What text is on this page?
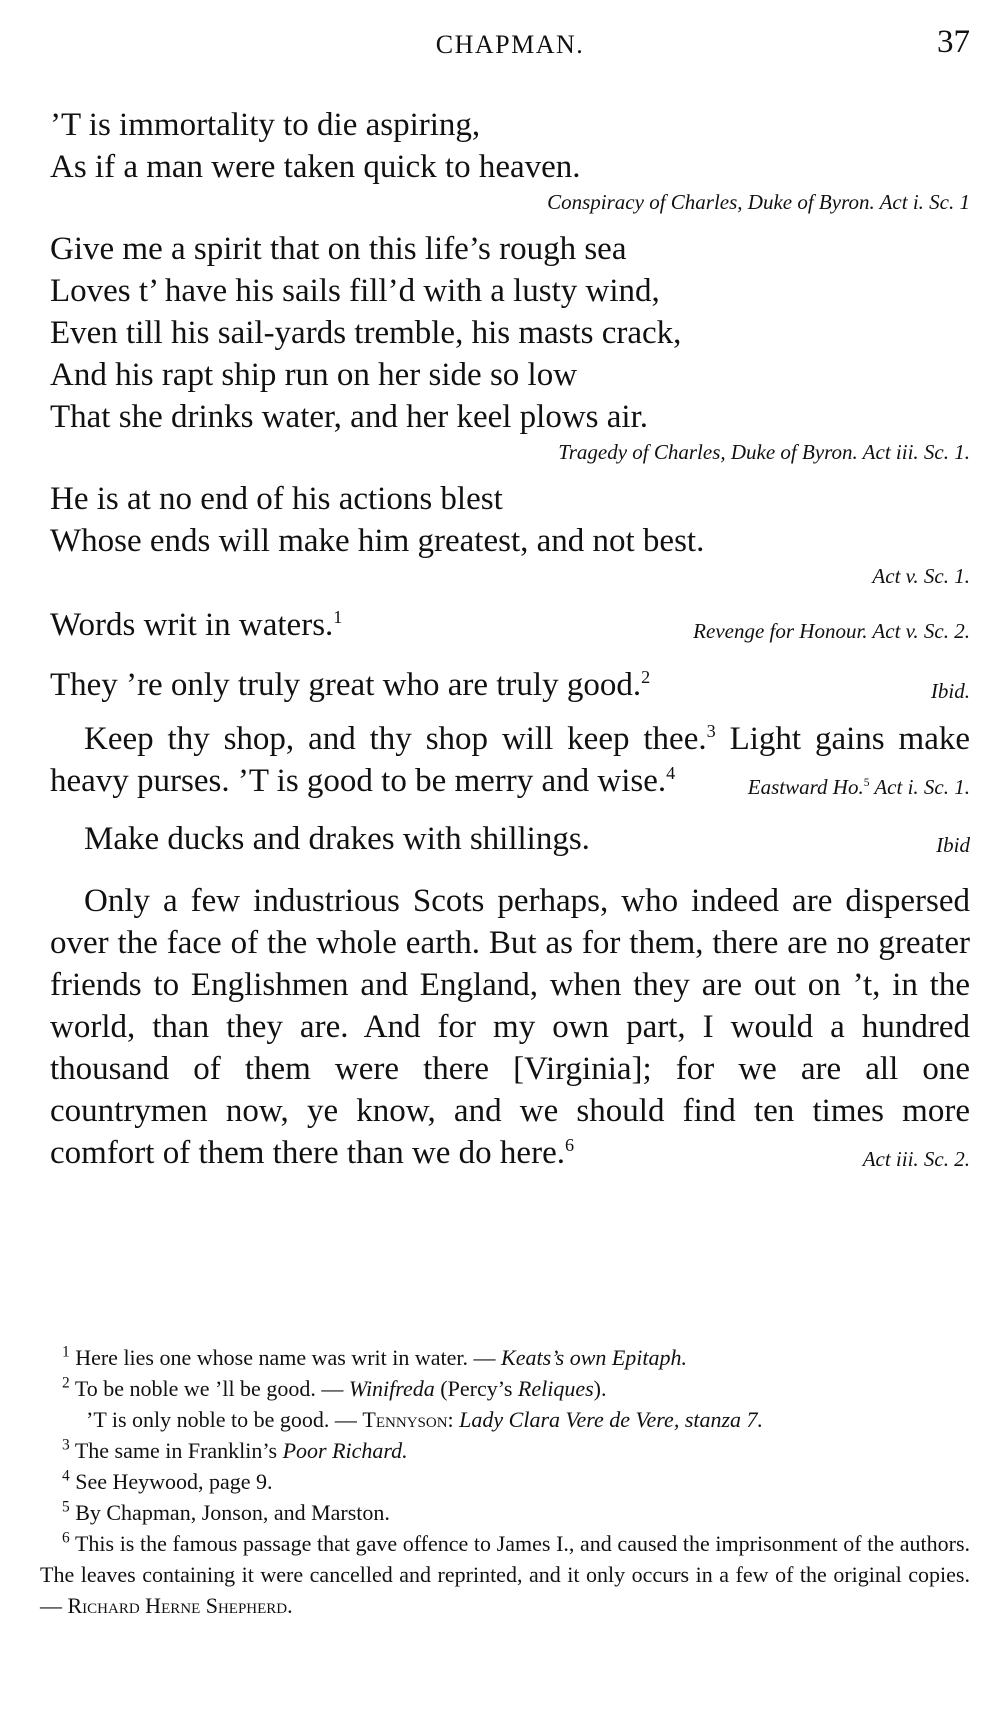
CHAPMAN.	37
’T is immortality to die aspiring,
As if a man were taken quick to heaven.
Conspiracy of Charles, Duke of Byron. Act i. Sc. 1
Give me a spirit that on this life’s rough sea
Loves t’ have his sails fill’d with a lusty wind,
Even till his sail-yards tremble, his masts crack,
And his rapt ship run on her side so low
That she drinks water, and her keel plows air.
Tragedy of Charles, Duke of Byron. Act iii. Sc. 1.
He is at no end of his actions blest
Whose ends will make him greatest, and not best.
Act v. Sc. 1.
Words writ in waters.$^1$
Revenge for Honour. Act v. Sc. 2.
They ’re only truly great who are truly good.$^2$
Ibid.
Keep thy shop, and thy shop will keep thee.$^3$ Light gains make heavy purses. ’T is good to be merry and wise.$^4$
Eastward Ho.$^5$ Act i. Sc. 1.
Make ducks and drakes with shillings.	Ibid
Only a few industrious Scots perhaps, who indeed are dispersed over the face of the whole earth. But as for them, there are no greater friends to Englishmen and England, when they are out on ’t, in the world, than they are. And for my own part, I would a hundred thousand of them were there [Virginia]; for we are all one countrymen now, ye know, and we should find ten times more comfort of them there than we do here.$^6$
Act iii. Sc. 2.
$^1$ Here lies one whose name was writ in water. — Keats’s own Epitaph.
$^2$ To be noble we ’ll be good. — Winifreda (Percy’s Reliques).
’T is only noble to be good. — Tennyson: Lady Clara Vere de Vere, stanza 7.
$^3$ The same in Franklin’s Poor Richard.
$^4$ See Heywood, page 9.
$^5$ By Chapman, Jonson, and Marston.
$^6$ This is the famous passage that gave offence to James I., and caused the imprisonment of the authors. The leaves containing it were cancelled and reprinted, and it only occurs in a few of the original copies. — Richard Herne Shepherd.
